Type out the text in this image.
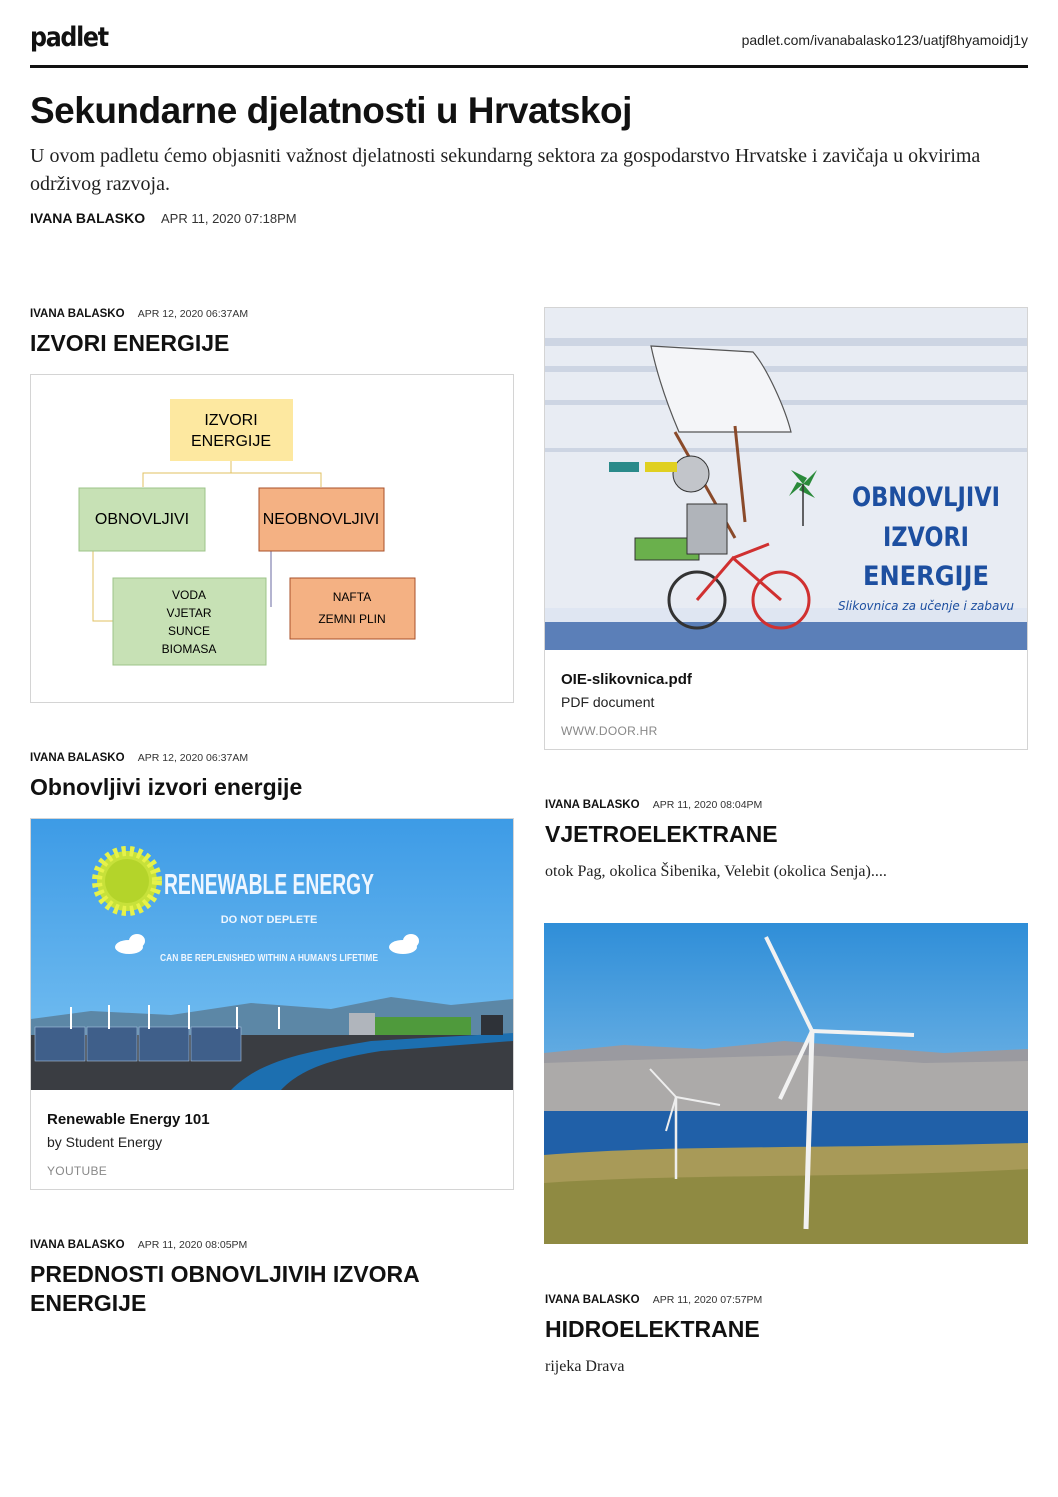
padlet	padlet.com/ivanabalasko123/uatjf8hyamoidj1y
Sekundarne djelatnosti u Hrvatskoj

U ovom padletu ćemo objasniti važnost djelatnosti sekundarng sektora za gospodarstvo Hrvatske i zavičaja u okvirima održivog razvoja.

IVANA BALASKO APR 11, 2020 07:18PM
IVANA BALASKO APR 12, 2020 06:37AM
IZVORI ENERGIJE
IZVORI
ENERGIJE
OBNOVLJIVI	NEOBNOVLJIVI
VODA
VJETAR
SUNCE
BIOMASA
NAFTA
ZEMNI PLIN
IVANA BALASKO APR 12, 2020 06:37AM
Obnovljivi izvori energije
RENEWABLE ENERGY
DO NOT DEPLETE
CAN BE REPLENISHED WITHIN A HUMAN'S LIFETIME
Renewable Energy 101
by Student Energy
YOUTUBE
IVANA BALASKO APR 11, 2020 08:05PM
PREDNOSTI OBNOVLJIVIH IZVORA ENERGIJE
OBNOVLJIVI
IZVORI
ENERGIJE
Slikovnica za učenje i zabavu
OIE-slikovnica.pdf
PDF document
WWW.DOOR.HR
IVANA BALASKO APR 11, 2020 08:04PM
VJETROELEKTRANE
otok Pag, okolica Šibenika, Velebit (okolica Senja)....
IVANA BALASKO APR 11, 2020 07:57PM
HIDROELEKTRANE
rijeka Drava
